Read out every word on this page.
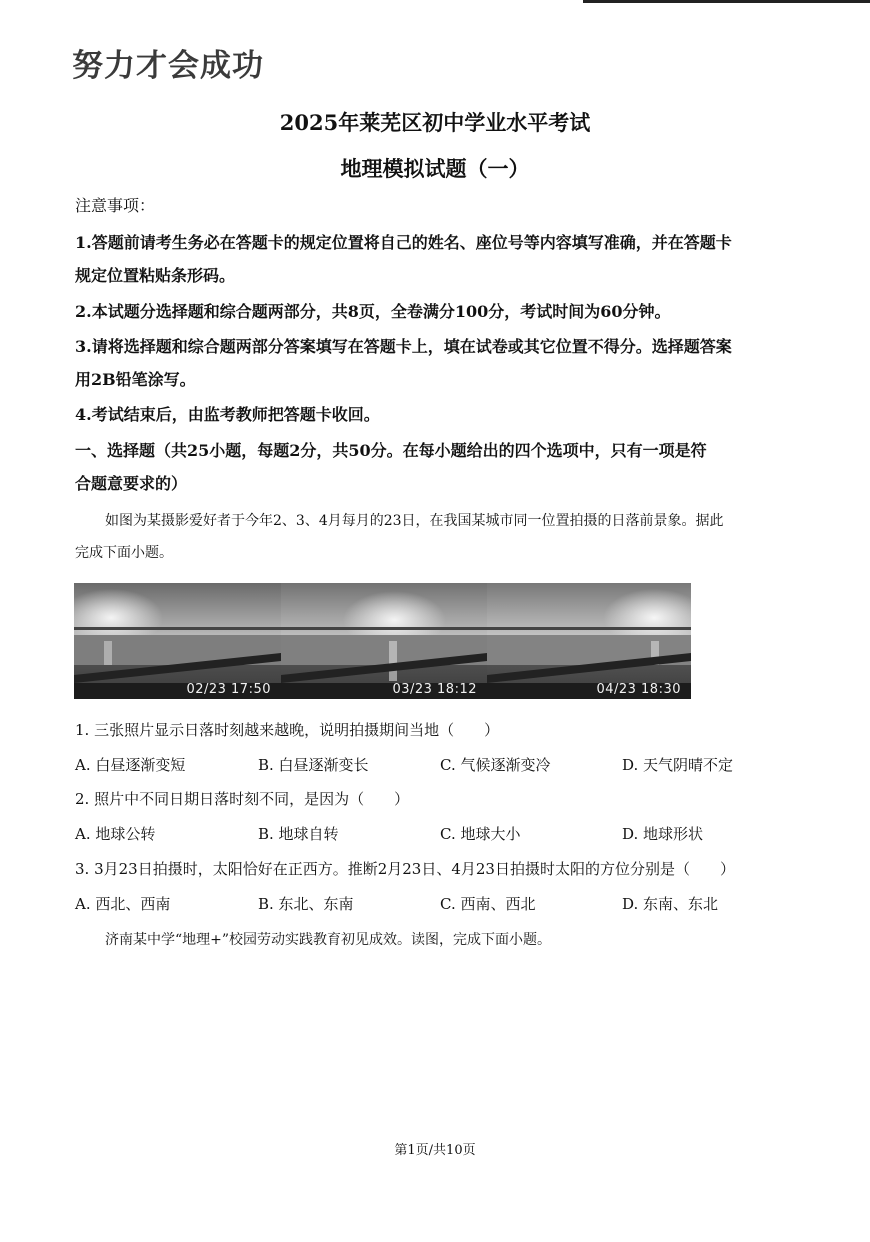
努力才会成功
2025年莱芜区初中学业水平考试
地理模拟试题（一）
注意事项：
1.答题前请考生务必在答题卡的规定位置将自己的姓名、座位号等内容填写准确，并在答题卡
规定位置粘贴条形码。
2.本试题分选择题和综合题两部分，共8页，全卷满分100分，考试时间为60分钟。
3.请将选择题和综合题两部分答案填写在答题卡上，填在试卷或其它位置不得分。选择题答案
用2B铅笔涂写。
4.考试结束后，由监考教师把答题卡收回。
一、选择题（共25小题，每题2分，共50分。在每小题给出的四个选项中，只有一项是符
合题意要求的）
如图为某摄影爱好者于今年2、3、4月每月的23日，在我国某城市同一位置拍摄的日落前景象。据此
完成下面小题。
02/23 17:50	03/23 18:12	04/23 18:30
1. 三张照片显示日落时刻越来越晚，说明拍摄期间当地（　　）
A. 白昼逐渐变短	B. 白昼逐渐变长	C. 气候逐渐变冷	D. 天气阴晴不定
2. 照片中不同日期日落时刻不同，是因为（　　）
A. 地球公转	B. 地球自转	C. 地球大小	D. 地球形状
3. 3月23日拍摄时，太阳恰好在正西方。推断2月23日、4月23日拍摄时太阳的方位分别是（　　）
A. 西北、西南	B. 东北、东南	C. 西南、西北	D. 东南、东北
济南某中学“地理+”校园劳动实践教育初见成效。读图，完成下面小题。
第1页/共10页
